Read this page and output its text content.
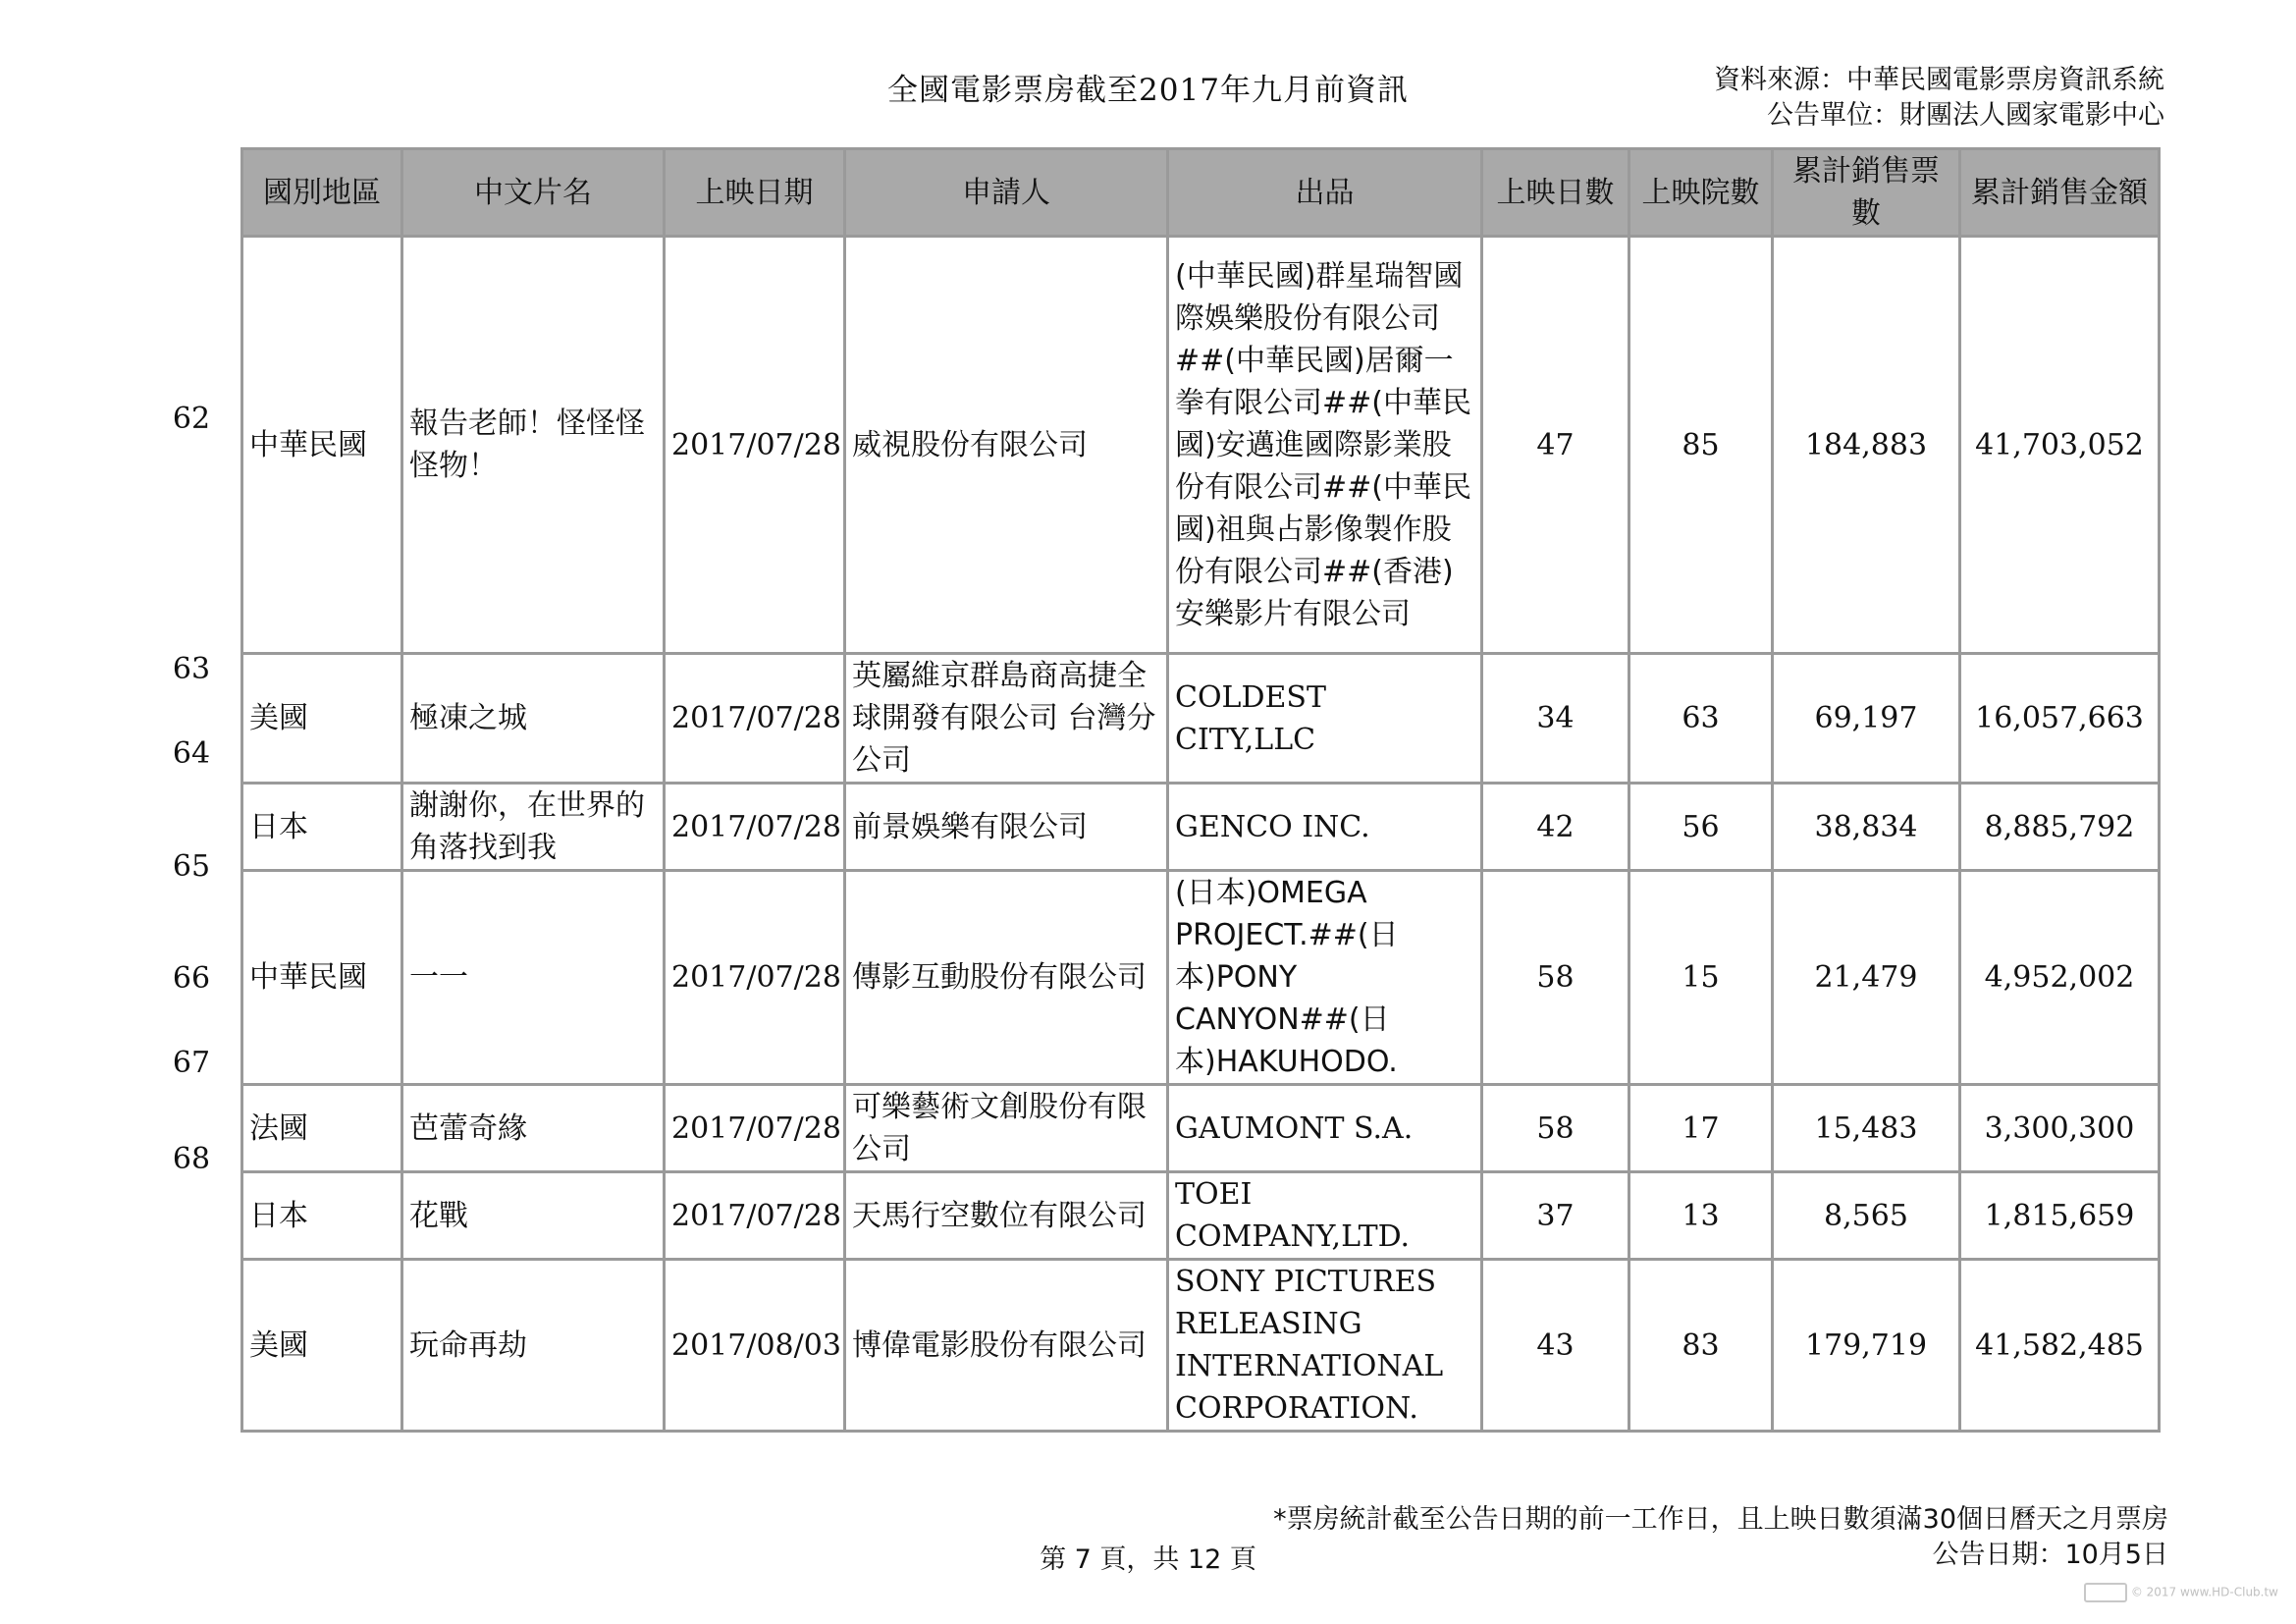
全國電影票房截至2017年九月前資訊	資料來源：中華民國電影票房資訊系統
公告單位：財團法人國家電影中心
國別地區	中文片名	上映日期	申請人	出品	上映日數	上映院數	累計銷售票數	累計銷售金額
中華民國	報告老師！怪怪怪怪物！	2017/07/28	威視股份有限公司	(中華民國)群星瑞智國際娛樂股份有限公司##(中華民國)居爾一拳有限公司##(中華民國)安邁進國際影業股份有限公司##(中華民國)祖與占影像製作股份有限公司##(香港)安樂影片有限公司	47	85	184,883	41,703,052
美國	極凍之城	2017/07/28	英屬維京群島商高捷全球開發有限公司 台灣分公司	COLDEST CITY,LLC	34	63	69,197	16,057,663
日本	謝謝你，在世界的角落找到我	2017/07/28	前景娛樂有限公司	GENCO INC.	42	56	38,834	8,885,792
中華民國	一一	2017/07/28	傳影互動股份有限公司	(日本)OMEGA PROJECT.##(日本)PONY CANYON##(日本)HAKUHODO.	58	15	21,479	4,952,002
法國	芭蕾奇緣	2017/07/28	可樂藝術文創股份有限公司	GAUMONT S.A.	58	17	15,483	3,300,300
日本	花戰	2017/07/28	天馬行空數位有限公司	TOEI COMPANY,LTD.	37	13	8,565	1,815,659
美國	玩命再劫	2017/08/03	博偉電影股份有限公司	SONY PICTURES RELEASING INTERNATIONAL CORPORATION.	43	83	179,719	41,582,485
62
63
64
65
66
67
68
*票房統計截至公告日期的前一工作日，且上映日數須滿30個日曆天之月票房
公告日期：10月5日
第 7 頁，共 12 頁
© 2017 www.HD-Club.tw
